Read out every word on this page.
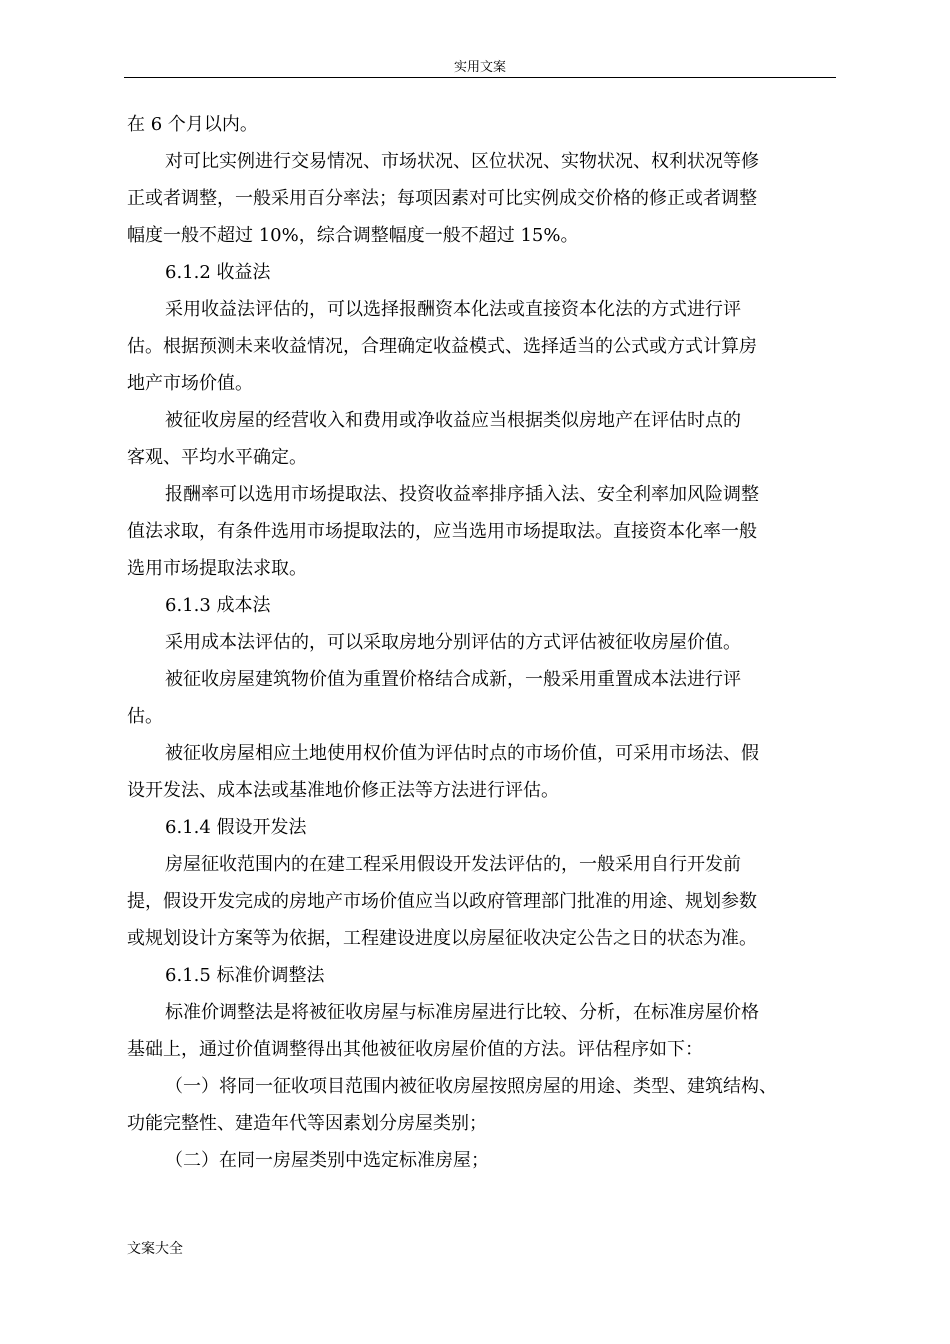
实用文案
在 6 个月以内。
对可比实例进行交易情况、市场状况、区位状况、实物状况、权利状况等修
正或者调整，一般采用百分率法；每项因素对可比实例成交价格的修正或者调整
幅度一般不超过 10%，综合调整幅度一般不超过 15%。
6.1.2 收益法
采用收益法评估的，可以选择报酬资本化法或直接资本化法的方式进行评
估。根据预测未来收益情况，合理确定收益模式、选择适当的公式或方式计算房
地产市场价值。
被征收房屋的经营收入和费用或净收益应当根据类似房地产在评估时点的
客观、平均水平确定。
报酬率可以选用市场提取法、投资收益率排序插入法、安全利率加风险调整
值法求取，有条件选用市场提取法的，应当选用市场提取法。直接资本化率一般
选用市场提取法求取。
6.1.3 成本法
采用成本法评估的，可以采取房地分别评估的方式评估被征收房屋价值。
被征收房屋建筑物价值为重置价格结合成新，一般采用重置成本法进行评
估。
被征收房屋相应土地使用权价值为评估时点的市场价值，可采用市场法、假
设开发法、成本法或基准地价修正法等方法进行评估。
6.1.4 假设开发法
房屋征收范围内的在建工程采用假设开发法评估的，一般采用自行开发前
提，假设开发完成的房地产市场价值应当以政府管理部门批准的用途、规划参数
或规划设计方案等为依据，工程建设进度以房屋征收决定公告之日的状态为准。
6.1.5 标准价调整法
标准价调整法是将被征收房屋与标准房屋进行比较、分析，在标准房屋价格
基础上，通过价值调整得出其他被征收房屋价值的方法。评估程序如下：
（一）将同一征收项目范围内被征收房屋按照房屋的用途、类型、建筑结构、
功能完整性、建造年代等因素划分房屋类别；
（二）在同一房屋类别中选定标准房屋；
文案大全
